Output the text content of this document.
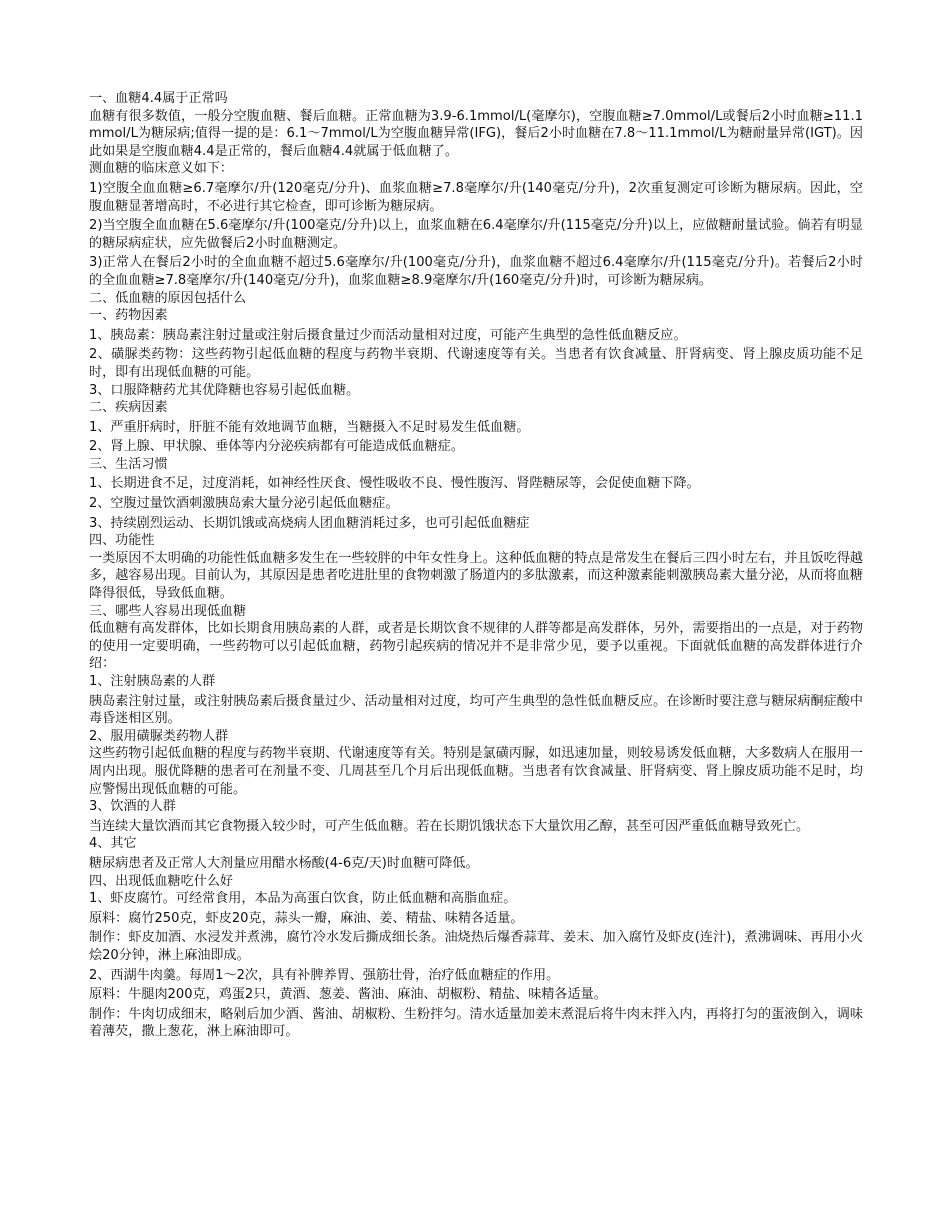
一、血糖4.4属于正常吗

血糖有很多数值，一般分空腹血糖、餐后血糖。正常血糖为3.9-6.1mmol/L(毫摩尔)，空腹血糖≥7.0mmol/L或餐后2小时血糖≥11.1mmol/L为糖尿病;值得一提的是：6.1～7mmol/L为空腹血糖异常(IFG)，餐后2小时血糖在7.8～11.1mmol/L为糖耐量异常(IGT)。因此如果是空腹血糖4.4是正常的，餐后血糖4.4就属于低血糖了。

测血糖的临床意义如下：

1)空腹全血血糖≥6.7毫摩尔/升(120毫克/分升)、血浆血糖≥7.8毫摩尔/升(140毫克/分升)，2次重复测定可诊断为糖尿病。因此，空腹血糖显著增高时，不必进行其它检查，即可诊断为糖尿病。

2)当空腹全血血糖在5.6毫摩尔/升(100毫克/分升)以上，血浆血糖在6.4毫摩尔/升(115毫克/分升)以上，应做糖耐量试验。倘若有明显的糖尿病症状，应先做餐后2小时血糖测定。

3)正常人在餐后2小时的全血血糖不超过5.6毫摩尔/升(100毫克/分升)，血浆血糖不超过6.4毫摩尔/升(115毫克/分升)。若餐后2小时的全血血糖≥7.8毫摩尔/升(140毫克/分升)，血浆血糖≥8.9毫摩尔/升(160毫克/分升)时，可诊断为糖尿病。

二、低血糖的原因包括什么

一、药物因素

1、胰岛素：胰岛素注射过量或注射后摄食量过少而活动量相对过度，可能产生典型的急性低血糖反应。

2、磺脲类药物：这些药物引起低血糖的程度与药物半衰期、代谢速度等有关。当患者有饮食减量、肝肾病变、肾上腺皮质功能不足时，即有出现低血糖的可能。

3、口服降糖药尤其优降糖也容易引起低血糖。

二、疾病因素

1、严重肝病时，肝脏不能有效地调节血糖，当糖摄入不足时易发生低血糖。

2、肾上腺、甲状腺、垂体等内分泌疾病都有可能造成低血糖症。

三、生活习惯

1、长期进食不足，过度消耗，如神经性厌食、慢性吸收不良、慢性腹泻、肾陛糖尿等，会促使血糖下降。

2、空腹过量饮酒刺激胰岛索大量分泌引起低血糖症。

3、持续剧烈运动、长期饥饿或高烧病人团血糖消耗过多，也可引起低血糖症

四、功能性

一类原因不太明确的功能性低血糖多发生在一些较胖的中年女性身上。这种低血糖的特点是常发生在餐后三四小时左右，并且饭吃得越多，越容易出现。目前认为，其原因是患者吃进肚里的食物刺激了肠道内的多肽激素，而这种激素能刺激胰岛素大量分泌，从而将血糖降得很低，导致低血糖。

三、哪些人容易出现低血糖

低血糖有高发群体，比如长期食用胰岛素的人群，或者是长期饮食不规律的人群等都是高发群体，另外，需要指出的一点是，对于药物的使用一定要明确，一些药物可以引起低血糖，药物引起疾病的情况并不是非常少见，要予以重视。下面就低血糖的高发群体进行介绍：

1、注射胰岛素的人群

胰岛素注射过量，或注射胰岛素后摄食量过少、活动量相对过度，均可产生典型的急性低血糖反应。在诊断时要注意与糖尿病酮症酸中毒昏迷相区别。

2、服用磺脲类药物人群

这些药物引起低血糖的程度与药物半衰期、代谢速度等有关。特别是氯磺丙脲，如迅速加量，则较易诱发低血糖，大多数病人在服用一周内出现。服优降糖的患者可在剂量不变、几周甚至几个月后出现低血糖。当患者有饮食减量、肝肾病变、肾上腺皮质功能不足时，均应警惕出现低血糖的可能。

3、饮酒的人群

当连续大量饮酒而其它食物摄入较少时，可产生低血糖。若在长期饥饿状态下大量饮用乙醇，甚至可因严重低血糖导致死亡。

4、其它

糖尿病患者及正常人大剂量应用醋水杨酸(4-6克/天)时血糖可降低。

四、出现低血糖吃什么好

1、虾皮腐竹。可经常食用，本品为高蛋白饮食，防止低血糖和高脂血症。

原料：腐竹250克，虾皮20克，蒜头一瓣，麻油、姜、精盐、味精各适量。

制作：虾皮加酒、水浸发并煮沸，腐竹冷水发后撕成细长条。油烧热后爆香蒜茸、姜末、加入腐竹及虾皮(连汁)，煮沸调味、再用小火烩20分钟，淋上麻油即成。

2、西湖牛肉羹。每周1～2次，具有补脾养胃、强筋壮骨，治疗低血糖症的作用。

原料：牛腿肉200克，鸡蛋2只，黄酒、葱姜、酱油、麻油、胡椒粉、精盐、味精各适量。

制作：牛肉切成细末，略剁后加少酒、酱油、胡椒粉、生粉拌匀。清水适量加姜末煮混后将牛肉末拌入内，再将打匀的蛋液倒入，调味着薄芡，撒上葱花，淋上麻油即可。
